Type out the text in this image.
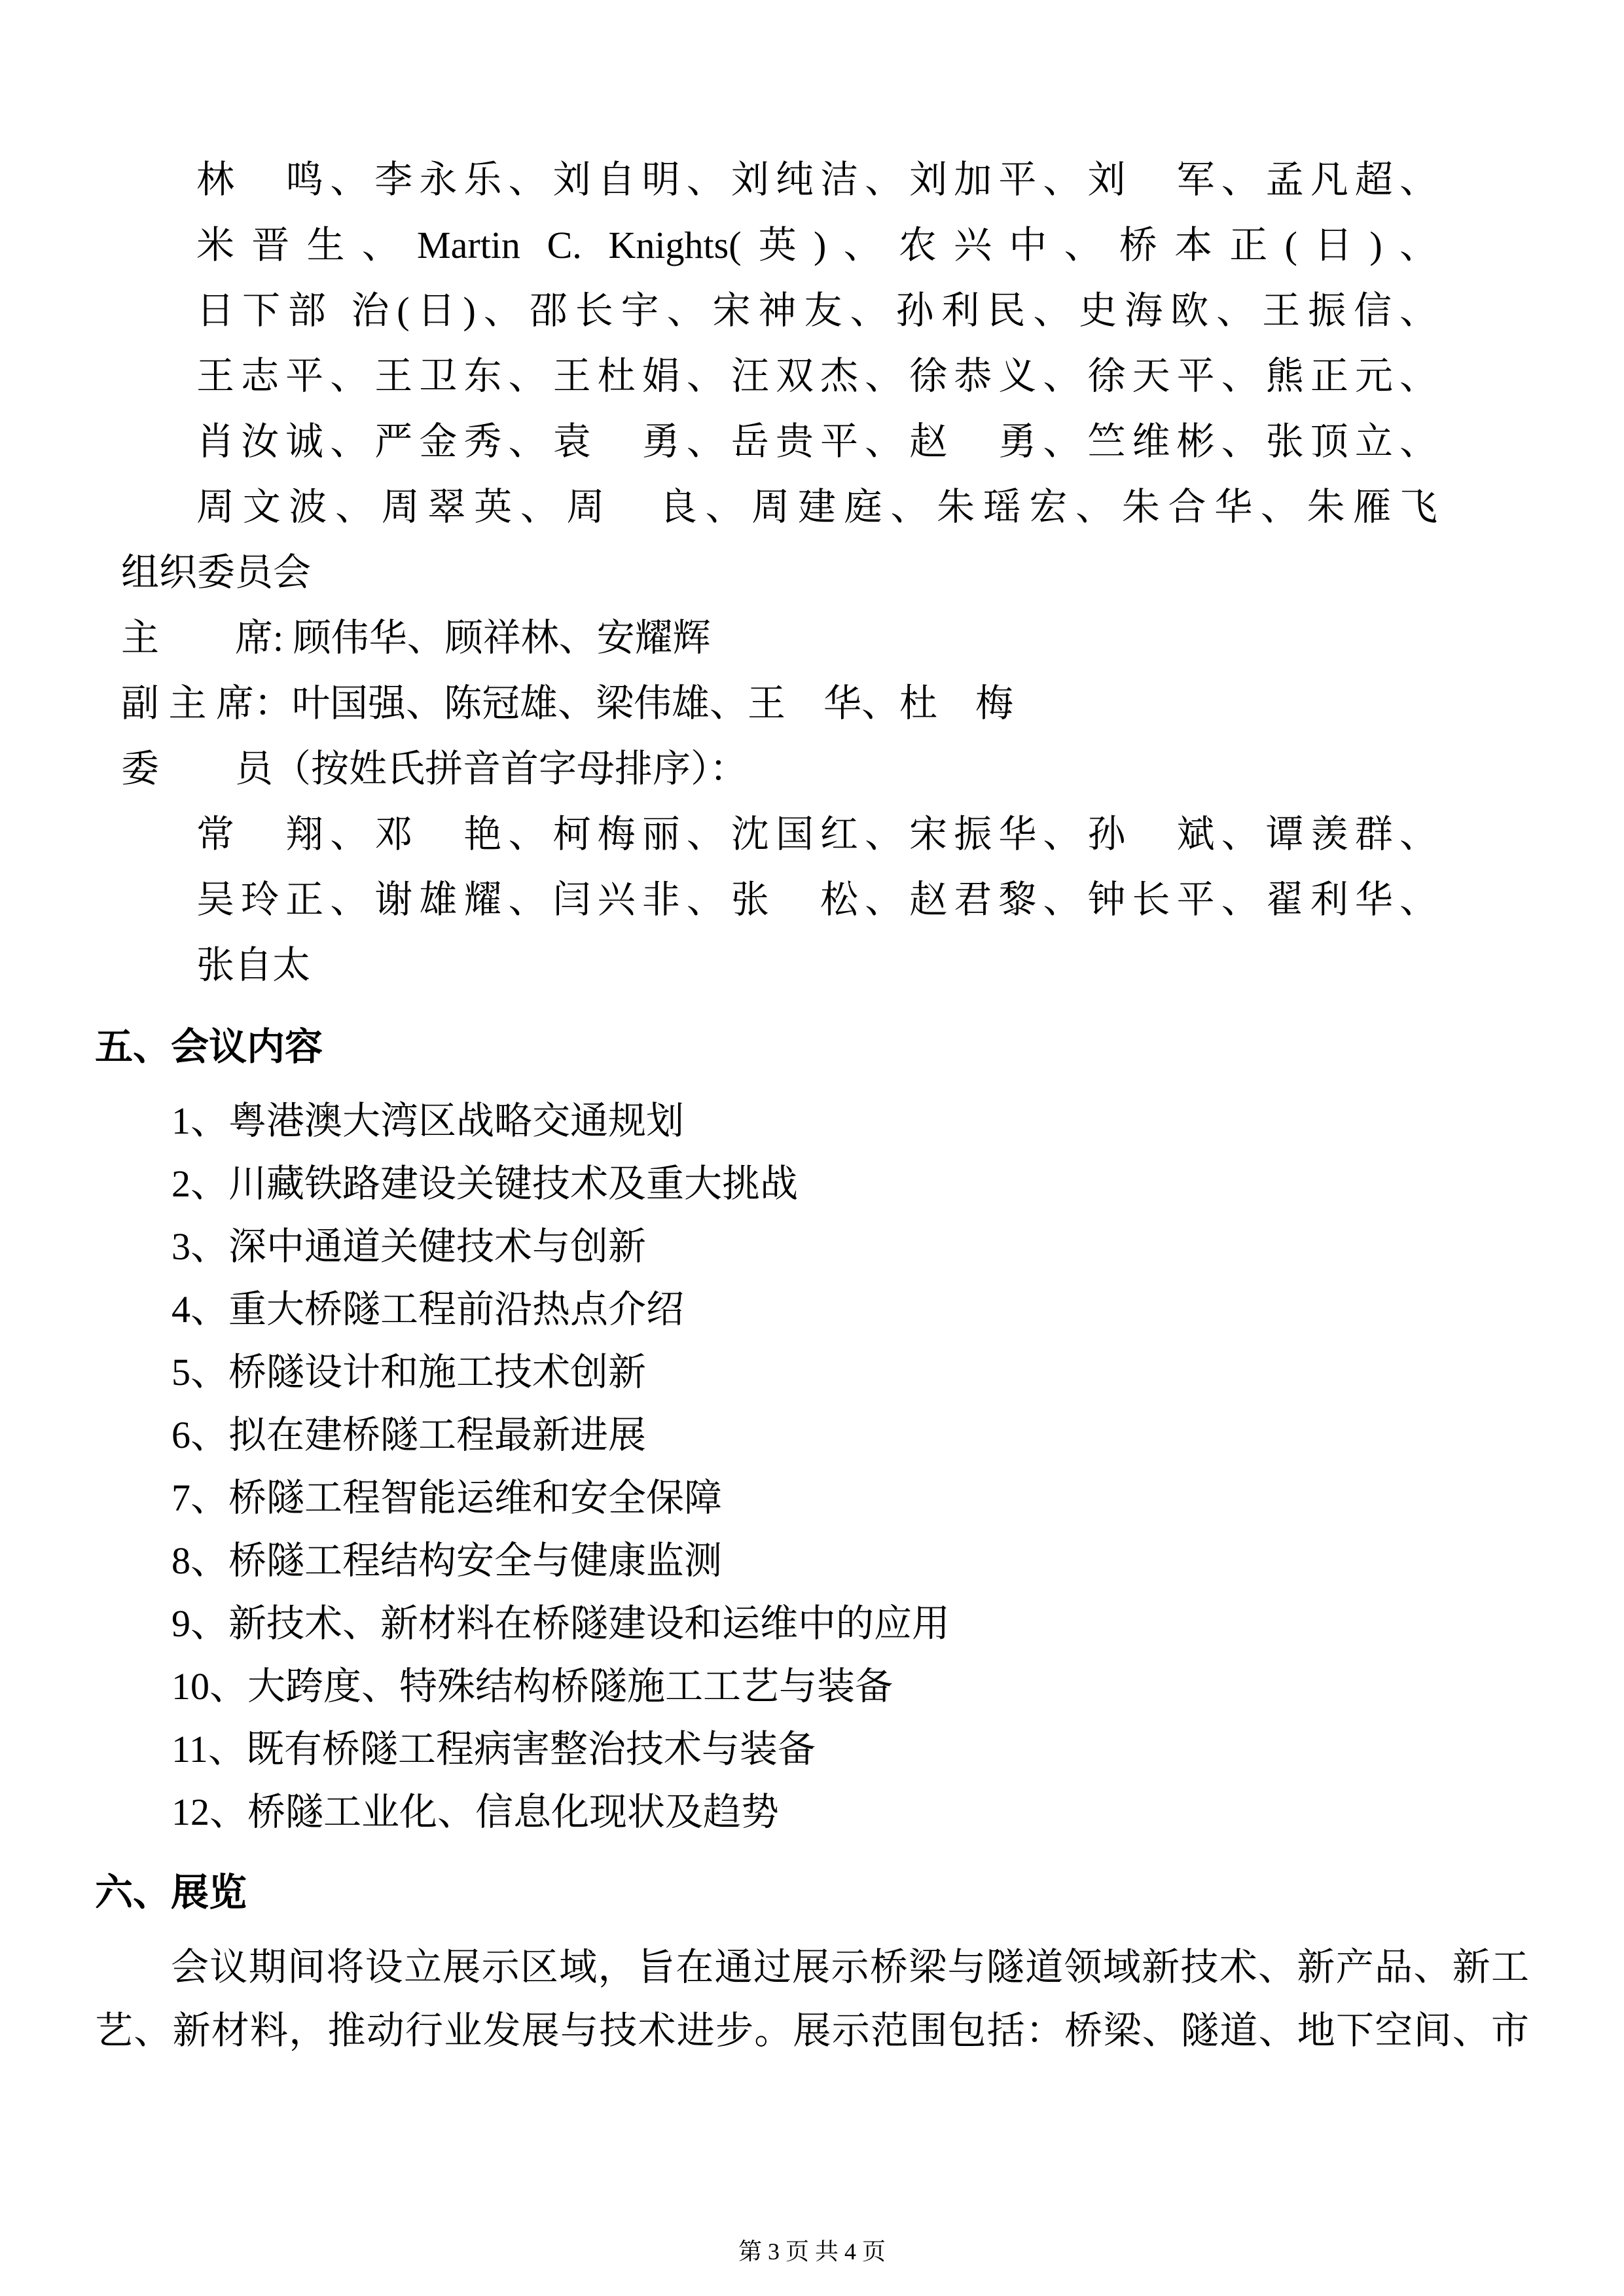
林　鸣、李永乐、刘自明、刘纯洁、刘加平、刘　军、孟凡超、
米晋生、Martin C. Knights(英)、农兴中、桥本正(日)、
日下部 治(日)、邵长宇、宋神友、孙利民、史海欧、王振信、
王志平、王卫东、王杜娟、汪双杰、徐恭义、徐天平、熊正元、
肖汝诚、严金秀、袁　勇、岳贵平、赵　勇、竺维彬、张顶立、
周文波、周翠英、周　良、周建庭、朱瑶宏、朱合华、朱雁飞
组织委员会
主　　席: 顾伟华、顾祥林、安耀辉
副 主 席：叶国强、陈冠雄、梁伟雄、王　华、杜　梅
委　　员（按姓氏拼音首字母排序）：
常　翔、邓　艳、柯梅丽、沈国红、宋振华、孙　斌、谭羡群、
吴玲正、谢雄耀、闫兴非、张　松、赵君黎、钟长平、翟利华、
张自太
五、会议内容
1、粤港澳大湾区战略交通规划
2、川藏铁路建设关键技术及重大挑战
3、深中通道关健技术与创新
4、重大桥隧工程前沿热点介绍
5、桥隧设计和施工技术创新
6、拟在建桥隧工程最新进展
7、桥隧工程智能运维和安全保障
8、桥隧工程结构安全与健康监测
9、新技术、新材料在桥隧建设和运维中的应用
10、大跨度、特殊结构桥隧施工工艺与装备
11、既有桥隧工程病害整治技术与装备
12、桥隧工业化、信息化现状及趋势
六、展览
会议期间将设立展示区域，旨在通过展示桥梁与隧道领域新技术、新产品、新工
艺、新材料，推动行业发展与技术进步。展示范围包括：桥梁、隧道、地下空间、市
第 3 页 共 4 页
